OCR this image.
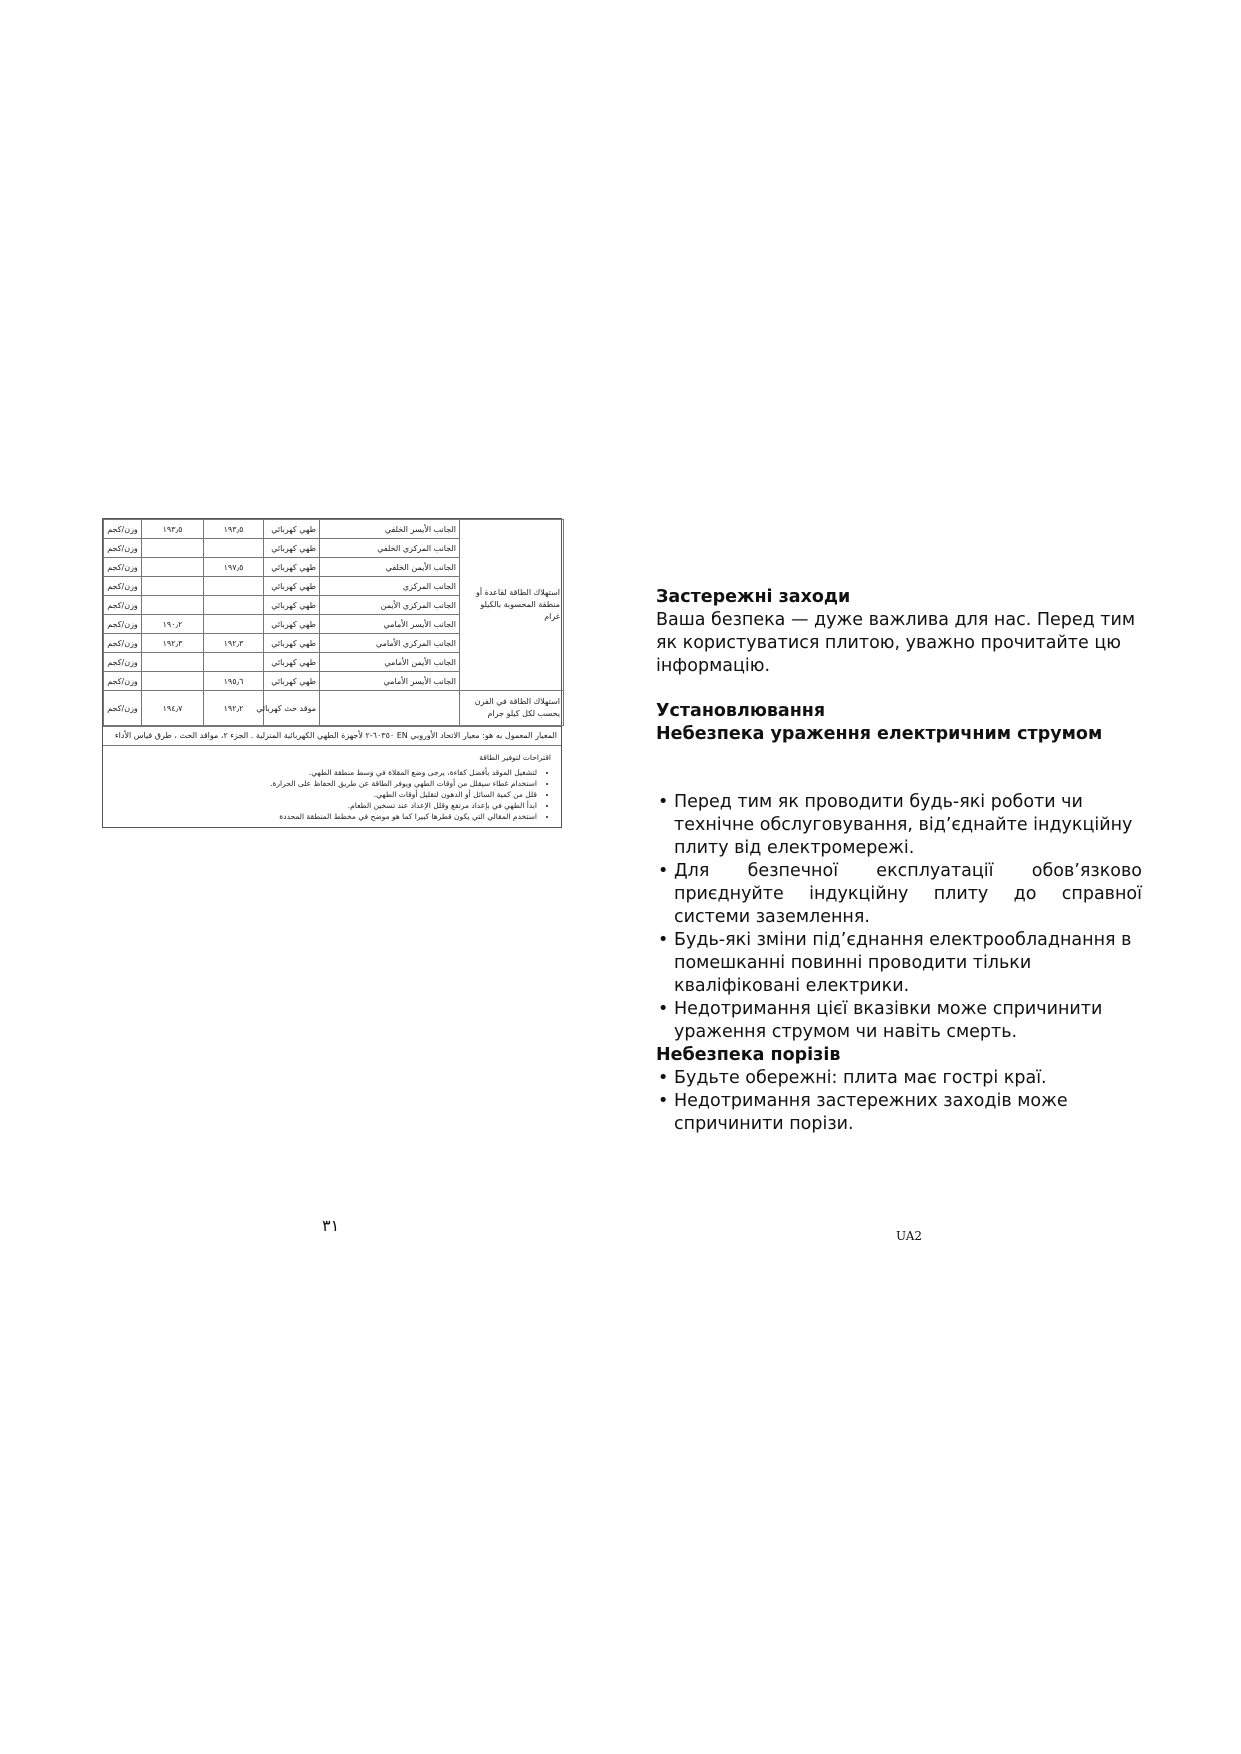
وزن/كجم	١٩٣٫٥	١٩٣٫٥	طهي كهربائي	الجانب الأيسر الخلفي	استهلاك الطاقة لقاعدة أو منطقة المحسوبة بالكيلو غرام
وزن/كجم			طهي كهربائي	الجانب المركزي الخلفي	
وزن/كجم		١٩٧٫٥	طهي كهربائي	الجانب الأيمن الخلفي	
وزن/كجم			طهي كهربائي	الجانب المركزي	
وزن/كجم			طهي كهربائي	الجانب المركزي الأيمن	
وزن/كجم	١٩٠٫٢		طهي كهربائي	الجانب الأيسر الأمامي	
وزن/كجم	١٩٢٫٣	١٩٢٫٣	طهي كهربائي	الجانب المركزي الأمامي	
وزن/كجم			طهي كهربائي	الجانب الأيمن الأمامي	
وزن/كجم		١٩٥٫٦	طهي كهربائي	الجانب الأيسر الأمامي	
وزن/كجم	١٩٤٫٧	١٩٢٫٢	موقد حث كهربائي		استهلاك الطاقة في الفرن يحسب لكل كيلو جرام
المعيار المعمول به هو: معيار الاتحاد الأوروبي EN ٦٠٣٥٠-٢ لأجهزة الطهي الكهربائية المنزلية . الجزء ٢، مواقد الحث ، طرق قياس الأداء
اقتراحات لتوفير الطاقة
• لتشغيل الموقد بأفضل كفاءة، يرجى وضع المقلاة في وسط منطقة الطهي.
• استخدام غطاء سيقلل من أوقات الطهي ويوفر الطاقة عن طريق الحفاظ على الحرارة.
• قلل من كمية السائل أو الدهون لتقليل أوقات الطهي.
• ابدأ الطهي في بإعداد مرتفع وقلل الإعداد عند تسخين الطعام.
• استخدم المقالي التي يكون قطرها كبيرا كما هو موضح في مخطط المنطقة المحددة
٣١

Застережні заходи

Ваша безпека — дуже важлива для нас. Перед тим як користуватися плитою, уважно прочитайте цю інформацію.

Установлювання

Небезпека ураження електричним струмом

• Перед тим як проводити будь-які роботи чи технічне обслуговування, від’єднайте індукційну плиту від електромережі.
• Для безпечної експлуатації обов’язково приєднуйте індукційну плиту до справної системи заземлення.
• Будь-які зміни під’єднання електрообладнання в помешканні повинні проводити тільки кваліфіковані електрики.
• Недотримання цієї вказівки може спричинити ураження струмом чи навіть смерть.

Небезпека порізів

• Будьте обережні: плита має гострі краї.
• Недотримання застережних заходів може спричинити порізи.
UA2
